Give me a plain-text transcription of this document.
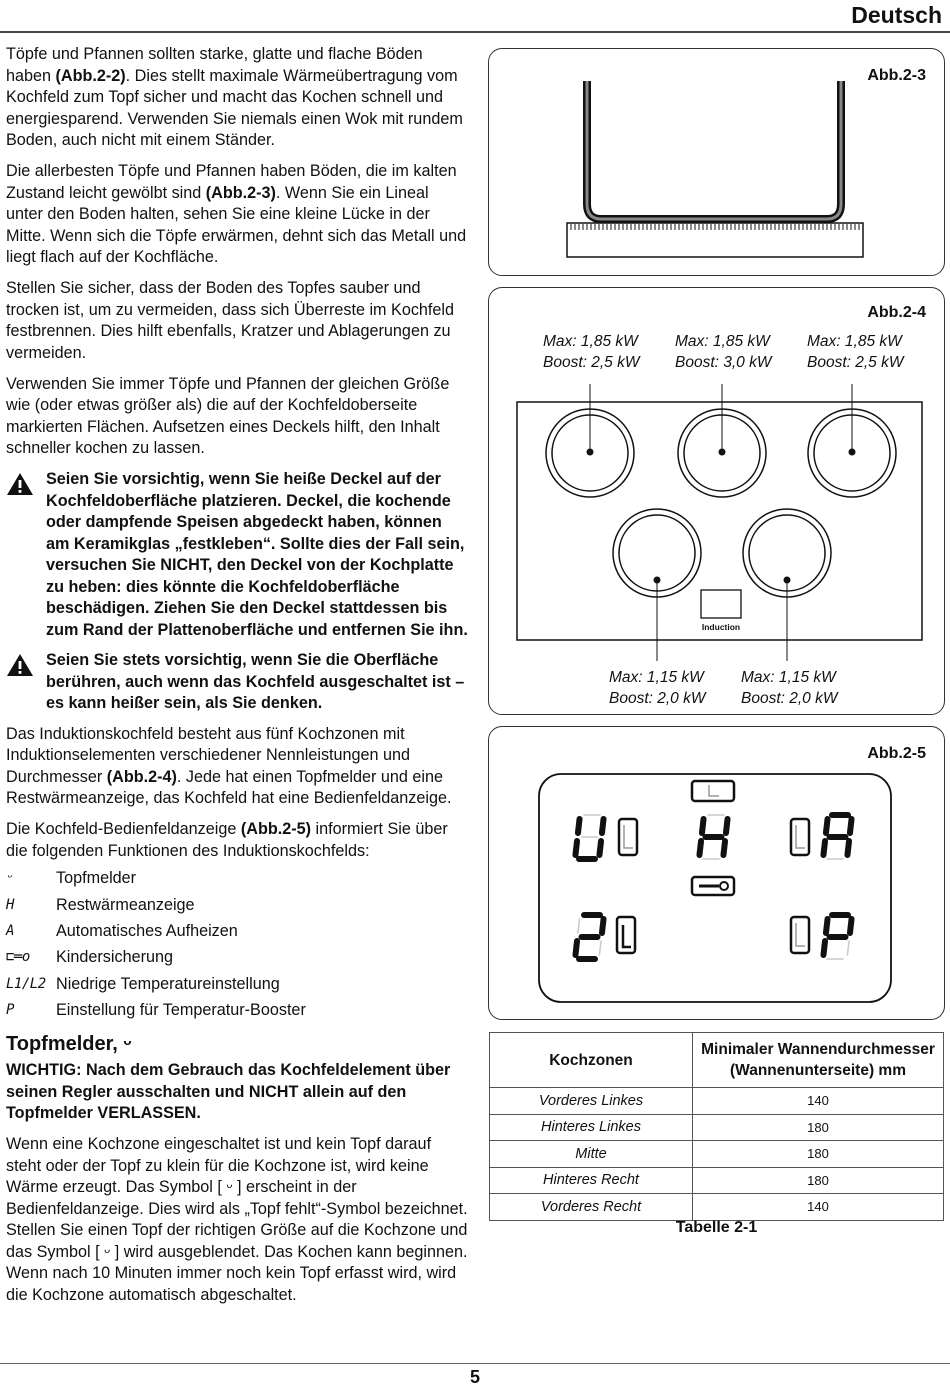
Deutsch

Töpfe und Pfannen sollten starke, glatte und flache Böden haben (Abb.2-2). Dies stellt maximale Wärmeübertragung vom Kochfeld zum Topf sicher und macht das Kochen schnell und energiesparend. Verwenden Sie niemals einen Wok mit rundem Boden, auch nicht mit einem Ständer.

Die allerbesten Töpfe und Pfannen haben Böden, die im kalten Zustand leicht gewölbt sind (Abb.2-3). Wenn Sie ein Lineal unter den Boden halten, sehen Sie eine kleine Lücke in der Mitte. Wenn sich die Töpfe erwärmen, dehnt sich das Metall und liegt flach auf der Kochfläche.

Stellen Sie sicher, dass der Boden des Topfes sauber und trocken ist, um zu vermeiden, dass sich Überreste im Kochfeld festbrennen. Dies hilft ebenfalls, Kratzer und Ablagerungen zu vermeiden.

Verwenden Sie immer Töpfe und Pfannen der gleichen Größe wie (oder etwas größer als) die auf der Kochfeldoberseite markierten Flächen. Aufsetzen eines Deckels hilft, den Inhalt schneller kochen zu lassen.

Seien Sie vorsichtig, wenn Sie heiße Deckel auf der Kochfeldoberfläche platzieren. Deckel, die kochende oder dampfende Speisen abgedeckt haben, können am Keramikglas „festkleben“. Sollte dies der Fall sein, versuchen Sie NICHT, den Deckel von der Kochplatte zu heben: dies könnte die Kochfeldoberfläche beschädigen. Ziehen Sie den Deckel stattdessen bis zum Rand der Plattenoberfläche und entfernen Sie ihn.
Seien Sie stets vorsichtig, wenn Sie die Oberfläche berühren, auch wenn das Kochfeld ausgeschaltet ist – es kann heißer sein, als Sie denken.

Das Induktionskochfeld besteht aus fünf Kochzonen mit Induktionselementen verschiedener Nennleistungen und Durchmesser (Abb.2-4). Jede hat einen Topfmelder und eine Restwärmeanzeige, das Kochfeld hat eine Bedienfeldanzeige.

Die Kochfeld-Bedienfeldanzeige (Abb.2-5) informiert Sie über die folgenden Funktionen des Induktionskochfelds:

ᵕ	Topfmelder
H	Restwärmeanzeige
A	Automatisches Aufheizen
⊏═o	Kindersicherung
L1/L2 Niedrige Temperatureinstellung
P	Einstellung für Temperatur-Booster
Topfmelder, ᵕ

WICHTIG: Nach dem Gebrauch das Kochfeldelement über seinen Regler ausschalten und NICHT allein auf den Topfmelder VERLASSEN.

Wenn eine Kochzone eingeschaltet ist und kein Topf darauf steht oder der Topf zu klein für die Kochzone ist, wird keine Wärme erzeugt. Das Symbol [ ᵕ ] erscheint in der Bedienfeldanzeige. Dies wird als „Topf fehlt“-Symbol bezeichnet. Stellen Sie einen Topf der richtigen Größe auf die Kochzone und das Symbol [ ᵕ ] wird ausgeblendet. Das Kochen kann beginnen. Wenn nach 10 Minuten immer noch kein Topf erfasst wird, wird die Kochzone automatisch abgeschaltet.

Abb.2-3
Abb.2-4
Max: 1,85 kW
Boost: 2,5 kW
Max: 1,85 kW
Boost: 3,0 kW
Max: 1,85 kW
Boost: 2,5 kW
Induction
Max: 1,15 kW
Boost: 2,0 kW
Max: 1,15 kW
Boost: 2,0 kW
Abb.2-5
Kochzonen	Minimaler Wannendurchmesser (Wannenunterseite) mm
Vorderes Linkes	140
Hinteres Linkes	180
Mitte	180
Hinteres Recht	180
Vorderes Recht	140
Tabelle 2-1
5
